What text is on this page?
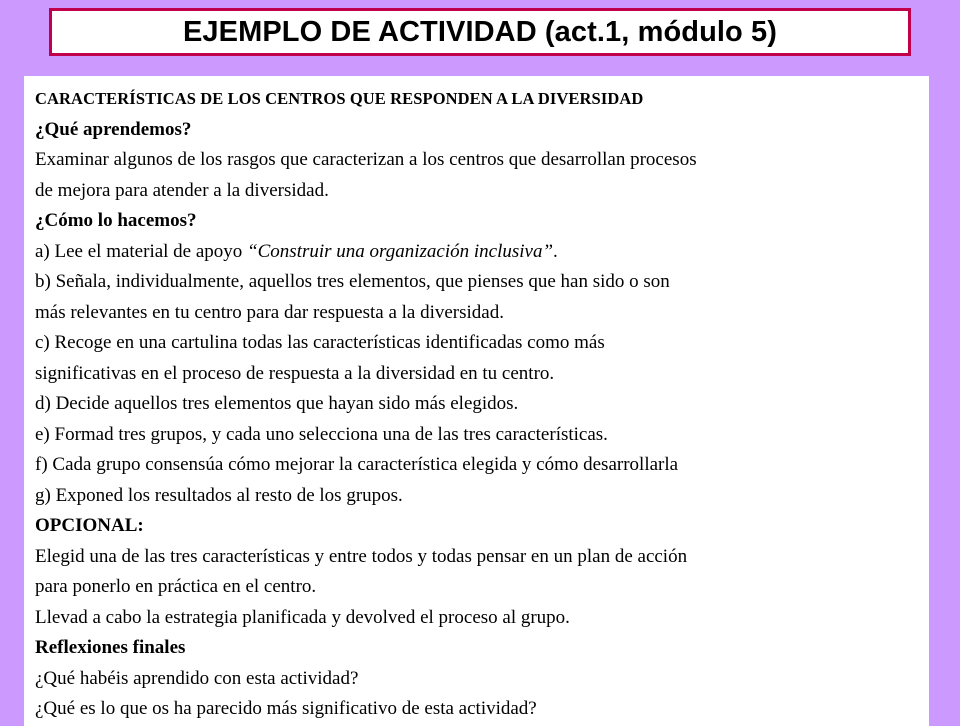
EJEMPLO DE ACTIVIDAD (act.1, módulo 5)
CARACTERÍSTICAS DE LOS CENTROS QUE RESPONDEN A LA DIVERSIDAD
¿Qué aprendemos?
Examinar algunos de los rasgos que caracterizan a los centros que desarrollan procesos
de mejora para atender a la diversidad.
¿Cómo lo hacemos?
a) Lee el material de apoyo “Construir una organización inclusiva”.
b) Señala, individualmente, aquellos tres elementos, que pienses que han sido o son
más relevantes en tu centro para dar respuesta a la diversidad.
c) Recoge en una cartulina todas las características identificadas como más
significativas en el proceso de respuesta a la diversidad en tu centro.
d) Decide aquellos tres elementos que hayan sido más elegidos.
e) Formad tres grupos, y cada uno selecciona una de las tres características.
f) Cada grupo consensúa cómo mejorar la característica elegida y cómo desarrollarla
g) Exponed los resultados al resto de los grupos.
OPCIONAL:
Elegid una de las tres características y entre todos y todas pensar en un plan de acción
para ponerlo en práctica en el centro.
Llevad a cabo la estrategia planificada y devolved el proceso al grupo.
Reflexiones finales
¿Qué habéis aprendido con esta actividad?
¿Qué es lo que os ha parecido más significativo de esta actividad?
